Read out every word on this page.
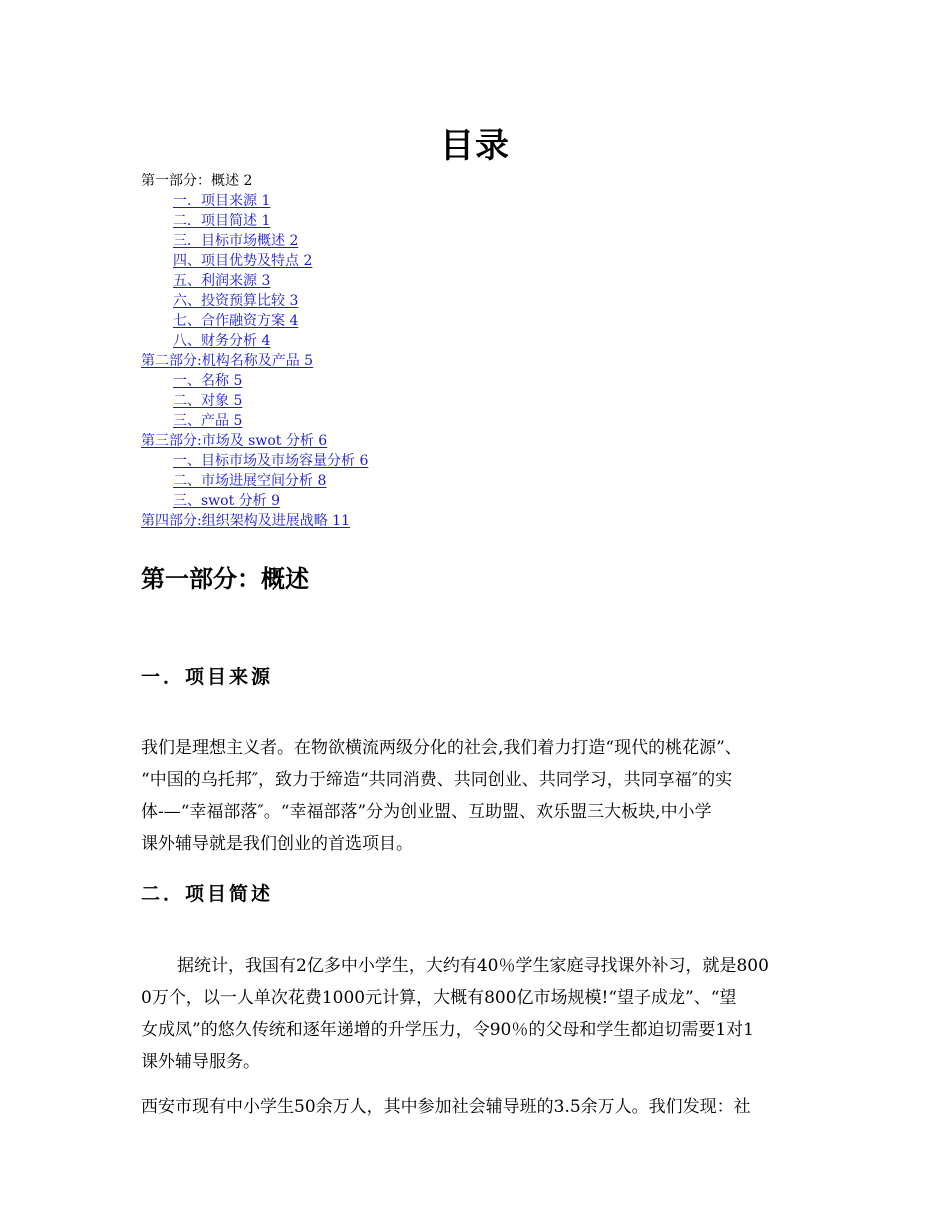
目录
第一部分：概述 2
一．项目来源 1
二．项目简述 1
三．目标市场概述 2
四、项目优势及特点 2
五、利润来源 3
六、投资预算比较 3
七、合作融资方案 4
八、财务分析 4
第二部分:机构名称及产品 5
一、名称 5
二、对象 5
三、产品 5
第三部分:市场及 swot 分析 6
一、目标市场及市场容量分析 6
二、市场进展空间分析 8
三、swot 分析 9
第四部分:组织架构及进展战略 11
第一部分：概述
一．项目来源
我们是理想主义者。在物欲横流两级分化的社会,我们着力打造“现代的桃花源”、
“中国的乌托邦″，致力于缔造“共同消费、共同创业、共同学习，共同享福″的实
体-—“幸福部落″。“幸福部落”分为创业盟、互助盟、欢乐盟三大板块,中小学
课外辅导就是我们创业的首选项目。
二．项目简述
据统计，我国有2亿多中小学生，大约有40％学生家庭寻找课外补习，就是800
0万个，以一人单次花费1000元计算，大概有800亿市场规模!“望子成龙”、“望
女成凤”的悠久传统和逐年递增的升学压力，令90％的父母和学生都迫切需要1对1
课外辅导服务。
西安市现有中小学生50余万人，其中参加社会辅导班的3.5余万人。我们发现：社
